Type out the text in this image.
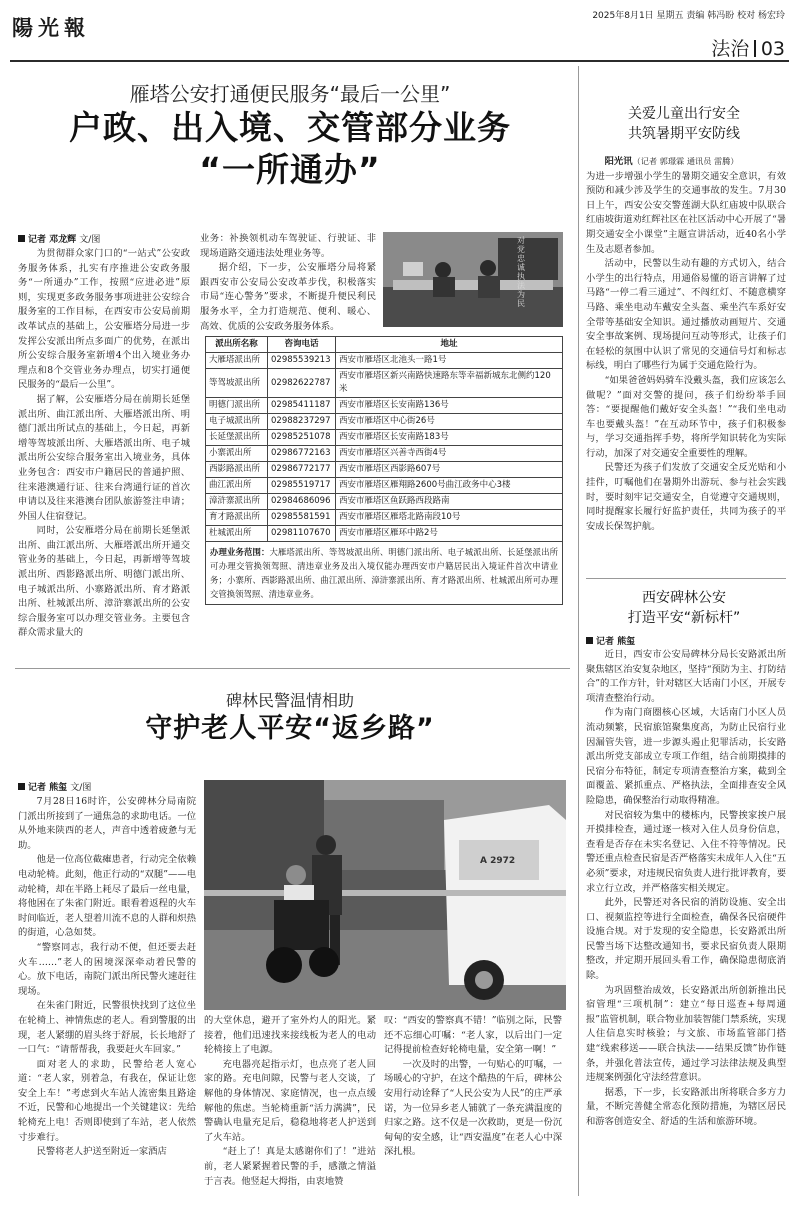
陽光報	2025年8月1日 星期五 责编 韩冯盼 校对 杨宏玲
法治 03
雁塔公安打通便民服务“最后一公里”
户政、出入境、交管部分业务
“一所通办”
记者 邓龙辉 文/图

为贯彻群众家门口的“一站式”公安政务服务体系，扎实有序推进公安政务服务“一所通办”工作，按照“应进必进”原则，实现更多政务服务事项进驻公安综合服务室的工作目标，在西安市公安局前期改革试点的基础上，公安雁塔分局进一步发挥公安派出所点多面广的优势，在派出所公安综合服务室新增4个出入境业务办理点和8个交管业务办理点，切实打通便民服务的“最后一公里”。

据了解，公安雁塔分局在前期长延堡派出所、曲江派出所、大雁塔派出所、明德门派出所试点的基础上，今日起，再新增等驾坡派出所、大雁塔派出所、电子城派出所公安综合服务室出入境业务，具体业务包含：西安市户籍居民的普通护照、往来港澳通行证、往来台湾通行证的首次申请以及往来港澳台团队旅游签注申请；外国人住宿登记。

同时，公安雁塔分局在前期长延堡派出所、曲江派出所、大雁塔派出所开通交管业务的基础上，今日起，再新增等驾坡派出所、西影路派出所、明德门派出所、电子城派出所、小寨路派出所、育才路派出所、杜城派出所、漳浒寨派出所的公安综合服务室可以办理交管业务。主要包含群众需求量大的

业务：补换领机动车驾驶证、行驶证、非现场道路交通违法处理业务等。

据介绍，下一步，公安雁塔分局将紧跟西安市公安局公安改革步伐，积极落实市局“连心警务”要求，不断提升便民利民服务水平，全力打造规范、便利、暖心、高效、优质的公安政务服务体系。

对党忠诚 执法为民
派出所名称	咨询电话	地址
大雁塔派出所	02985539213	西安市雁塔区北池头一路1号
等驾坡派出所	02982622787	西安市雁塔区新兴南路快速路东等幸福新城东北侧约120米
明德门派出所	02985411187	西安市雁塔区长安南路136号
电子城派出所	02988237297	西安市雁塔区中心街26号
长延堡派出所	02985251078	西安市雁塔区长安南路183号
小寨派出所	02986772163	西安市雁塔区兴善寺西街4号
西影路派出所	02986772177	西安市雁塔区西影路607号
曲江派出所	02985519717	西安市雁塔区雁翔路2600号曲江政务中心3楼
漳浒寨派出所	02984686096	西安市雁塔区鱼跃路西段路南
育才路派出所	02985581591	西安市雁塔区雁塔北路南段10号
杜城派出所	02981107670	西安市雁塔区雁环中路2号
办理业务范围：大雁塔派出所、等驾坡派出所、明德门派出所、电子城派出所、长延堡派出所可办理交管换领驾照、清违章业务及出入境仅能办理西安市户籍居民出入境证件首次申请业务；小寨所、西影路派出所、曲江派出所、漳浒寨派出所、育才路派出所、杜城派出所可办理交管换领驾照、清违章业务。
碑林民警温情相助
守护老人平安“返乡路”
记者 熊玺 文/图

7月28日16时许，公安碑林分局南院门派出所接到了一通焦急的求助电话。一位从外地来陕西的老人，声音中透着疲惫与无助。

他是一位高位截瘫患者，行动完全依赖电动轮椅。此刻，他正行动的“双腿”——电动轮椅，却在半路上耗尽了最后一丝电量，将他困在了朱雀门附近。眼看着返程的火车时间临近，老人望着川流不息的人群和炽热的街道，心急如焚。

“警察同志，我行动不便，但还要去赶火车……”老人的困境深深牵动着民警的心。放下电话，南院门派出所民警火速赶往现场。

在朱雀门附近，民警很快找到了这位坐在轮椅上、神情焦虑的老人。看到警服的出现，老人紧绷的眉头终于舒展，长长地舒了一口气：“请帮帮我，我要赶火车回家。”

面对老人的求助，民警给老人宽心道：“老人家，别着急，有我在，保证让您安全上车！”考虑到火车站人流密集且路途不近，民警和心地提出一个关键建议：先给轮椅充上电！否则即使到了车站，老人依然寸步难行。

民警将老人护送至附近一家酒店

A 2972

的大堂休息，避开了室外灼人的阳光。紧接着，他们迅速找来接线板为老人的电动轮椅接上了电源。

充电器亮起指示灯，也点亮了老人回家的路。充电间隙，民警与老人交谈，了解他的身体情况、家庭情况，也一点点缓解他的焦虑。当轮椅重新“活力满满”，民警确认电量充足后，稳稳地将老人护送到了火车站。

“赶上了！真是太感谢你们了！”进站前，老人紧紧握着民警的手，感激之情溢于言表。他竖起大拇指，由衷地赞

叹：“西安的警察真不错！”临别之际，民警还不忘细心叮嘱：“老人家，以后出门一定记得提前检查好轮椅电量，安全第一啊！”

一次及时的出警，一句贴心的叮嘱，一场暖心的守护，在这个酷热的午后，碑林公安用行动诠释了“人民公安为人民”的庄严承诺，为一位异乡老人铺就了一条充满温度的归家之路。这不仅是一次救助，更是一份沉甸甸的安全感，让“西安温度”在老人心中深深扎根。

关爱儿童出行安全
共筑暑期平安防线
阳光讯（记者 郭璟霖 通讯员 雷腾）

为进一步增强小学生的暑期交通安全意识，有效预防和减少涉及学生的交通事故的发生。7月30日上午，西安公安交警莲湖大队红庙坡中队联合红庙坡街道劝红辉社区在社区活动中心开展了“暑期交通安全小课堂”主题宣讲活动，近40名小学生及志愿者参加。

活动中，民警以生动有趣的方式切入，结合小学生的出行特点，用通俗易懂的语言讲解了过马路“一停二看三通过”、不闯红灯、不随意横穿马路、乘坐电动车戴安全头盔、乘坐汽车系好安全带等基础安全知识。通过播放动画短片、交通安全事故案例、现场提问互动等形式，让孩子们在轻松的氛围中认识了常见的交通信号灯和标志标线，明白了哪些行为属于交通危险行为。

“如果爸爸妈妈骑车没戴头盔，我们应该怎么做呢？”面对交警的提问，孩子们纷纷举手回答：“要提醒他们戴好安全头盔！”“我们坐电动车也要戴头盔！”在互动环节中，孩子们积极参与，学习交通指挥手势，将所学知识转化为实际行动，加深了对交通安全重要性的理解。

民警还为孩子们发放了交通安全反光贴和小挂件，叮嘱他们在暑期外出游玩、参与社会实践时，要时刻牢记交通安全，自觉遵守交通规则，同时提醒家长履行好监护责任，共同为孩子的平安成长保驾护航。

西安碑林公安
打造平安“新标杆”
记者 熊玺

近日，西安市公安局碑林分局长安路派出所聚焦辖区治安复杂地区，坚持“预防为主、打防结合”的工作方针，针对辖区大话南门小区，开展专项清查整治行动。

作为南门商圈核心区域，大话南门小区人员流动频繁，民宿旅馆聚集度高，为防止民宿行业因漏管失管，进一步源头遏止犯罪活动，长安路派出所党支部成立专项工作组，结合前期摸排的民宿分布特征，制定专项清查整治方案，截到全面覆盖、紧抓重点、严格执法，全面排查安全风险隐患，确保整治行动取得精准。

对民宿较为集中的楼栋内，民警挨家挨户展开摸排检查，通过逐一核对入住人员身份信息，查看是否存在未实名登记、入住不符等情况。民警还重点检查民宿是否严格落实未成年人入住“五必须”要求，对违规民宿负责人进行批评教育，要求立行立改，并严格落实相关规定。

此外，民警还对各民宿的消防设施、安全出口、视频监控等进行全面检查，确保各民宿硬件设施合规。对于发现的安全隐患，长安路派出所民警当场下达整改通知书，要求民宿负责人限期整改，并定期开展回头看工作，确保隐患彻底消除。

为巩固整治成效，长安路派出所创新推出民宿管理“三项机制”：建立“每日巡查+每周通报”监管机制，联合物业加装智能门禁系统，实现人住信息实时核验；与文旅、市场监管部门搭建“线索移送——联合执法——结果反馈”协作链条，并强化普法宣传，通过学习法律法规及典型违规案例强化守法经营意识。

据悉，下一步，长安路派出所将联合多方力量，不断完善健全常态化预防措施，为辖区居民和游客创造安全、舒适的生活和旅游环境。
